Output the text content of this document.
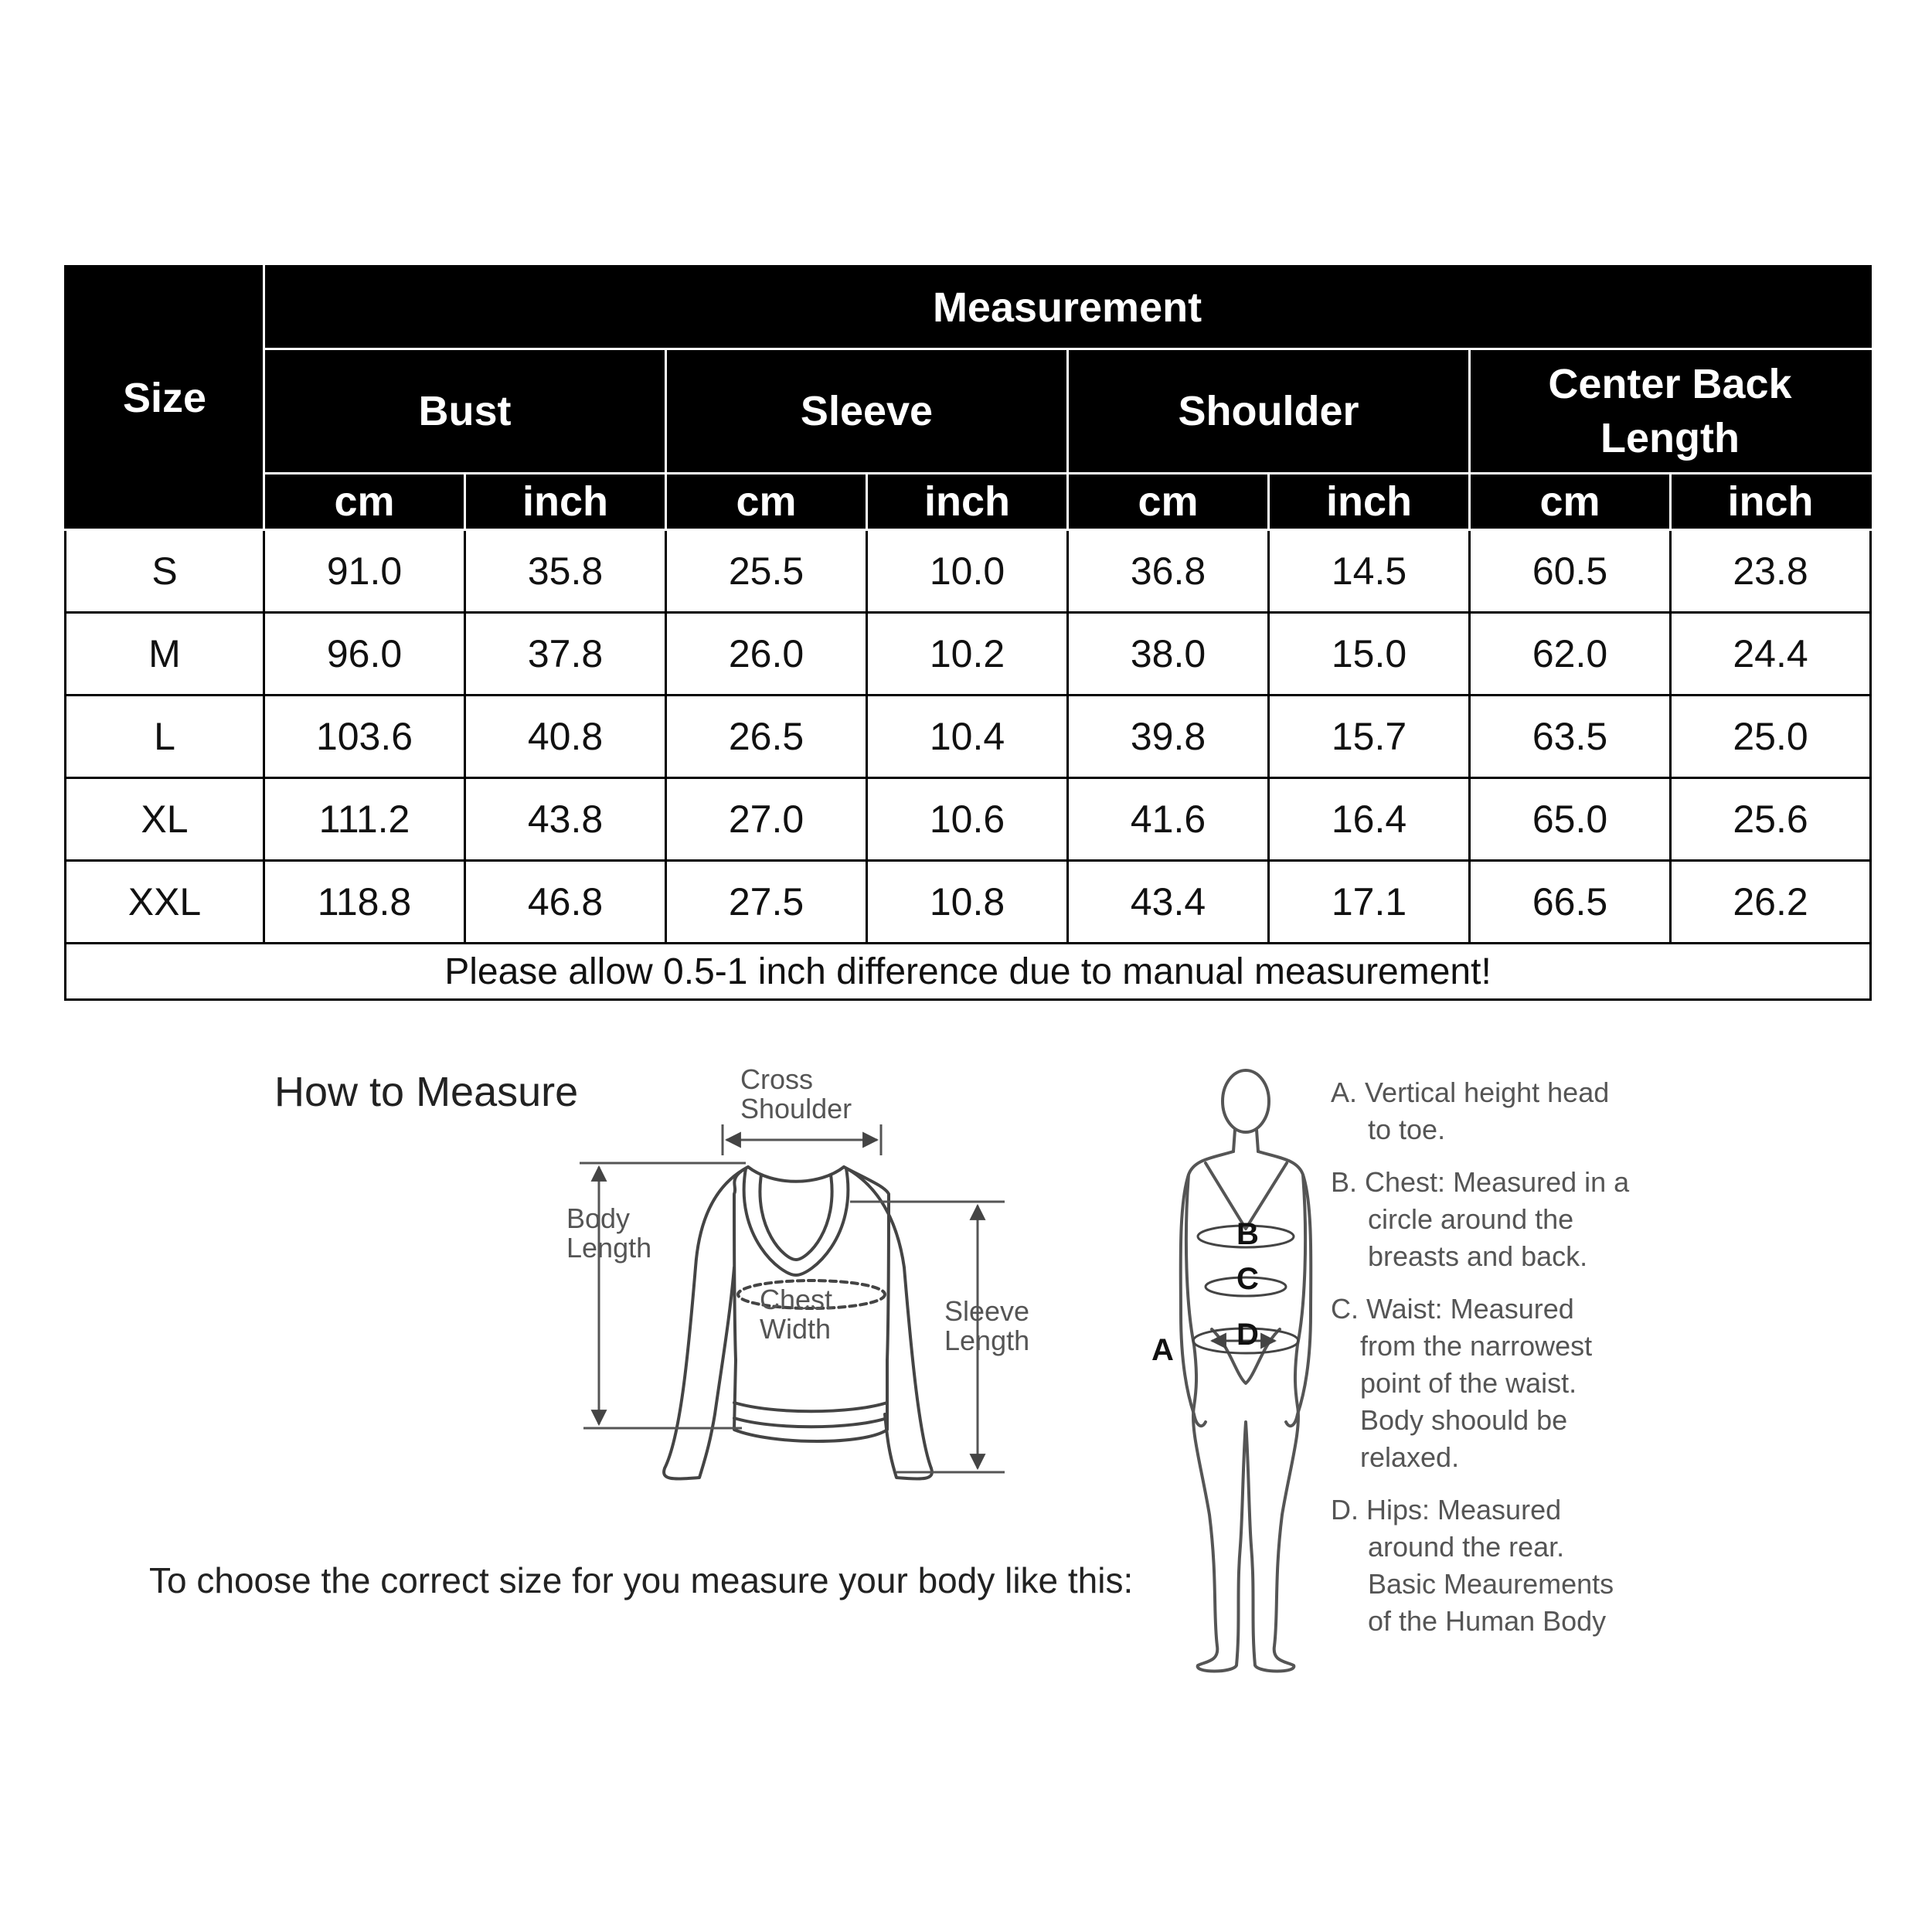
Size	Measurement							
	Bust		Sleeve		Shoulder		Center Back Length	
	cm	inch	cm	inch	cm	inch	cm	inch
S	91.0	35.8	25.5	10.0	36.8	14.5	60.5	23.8
M	96.0	37.8	26.0	10.2	38.0	15.0	62.0	24.4
L	103.6	40.8	26.5	10.4	39.8	15.7	63.5	25.0
XL	111.2	43.8	27.0	10.6	41.6	16.4	65.0	25.6
XXL	118.8	46.8	27.5	10.8	43.4	17.1	66.5	26.2
Please allow 0.5-1 inch difference due to manual measurement!								
How to Measure
To choose the correct size for you measure your body like this:
Cross
Shoulder
Body
Length
Chest
Width
Sleeve
Length	A
B
C
D
A. Vertical height head
to toe.
B. Chest: Measured in a
circle around the
breasts and back.
C. Waist: Measured
from the narrowest
point of the waist.
Body shoould be
relaxed.
D. Hips: Measured
around the rear.
Basic Meaurements
of the Human Body
